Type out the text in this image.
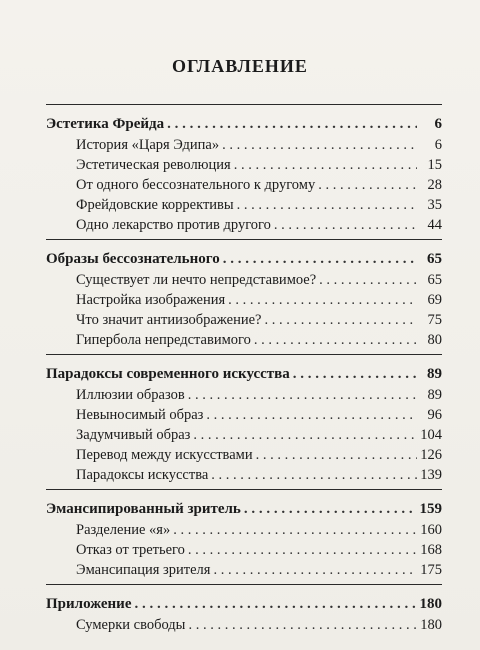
ОГЛАВЛЕНИЕ
Эстетика Фрейда . . .	6
История «Царя Эдипа» . . .	6
Эстетическая революция . . .	15
От одного бессознательного к другому . . .	28
Фрейдовские коррективы . . .	35
Одно лекарство против другого . . .	44
Образы бессознательного . . .	65
Существует ли нечто непредставимое? . . .	65
Настройка изображения . . .	69
Что значит антиизображение? . . .	75
Гипербола непредставимого . . .	80
Парадоксы современного искусства . . .	89
Иллюзии образов . . .	89
Невыносимый образ . . .	96
Задумчивый образ . . .	104
Перевод между искусствами . . .	126
Парадоксы искусства . . .	139
Эмансипированный зритель . . .	159
Разделение «я» . . .	160
Отказ от третьего . . .	168
Эмансипация зрителя . . .	175
Приложение . . .	180
Сумерки свободы . . .	180
